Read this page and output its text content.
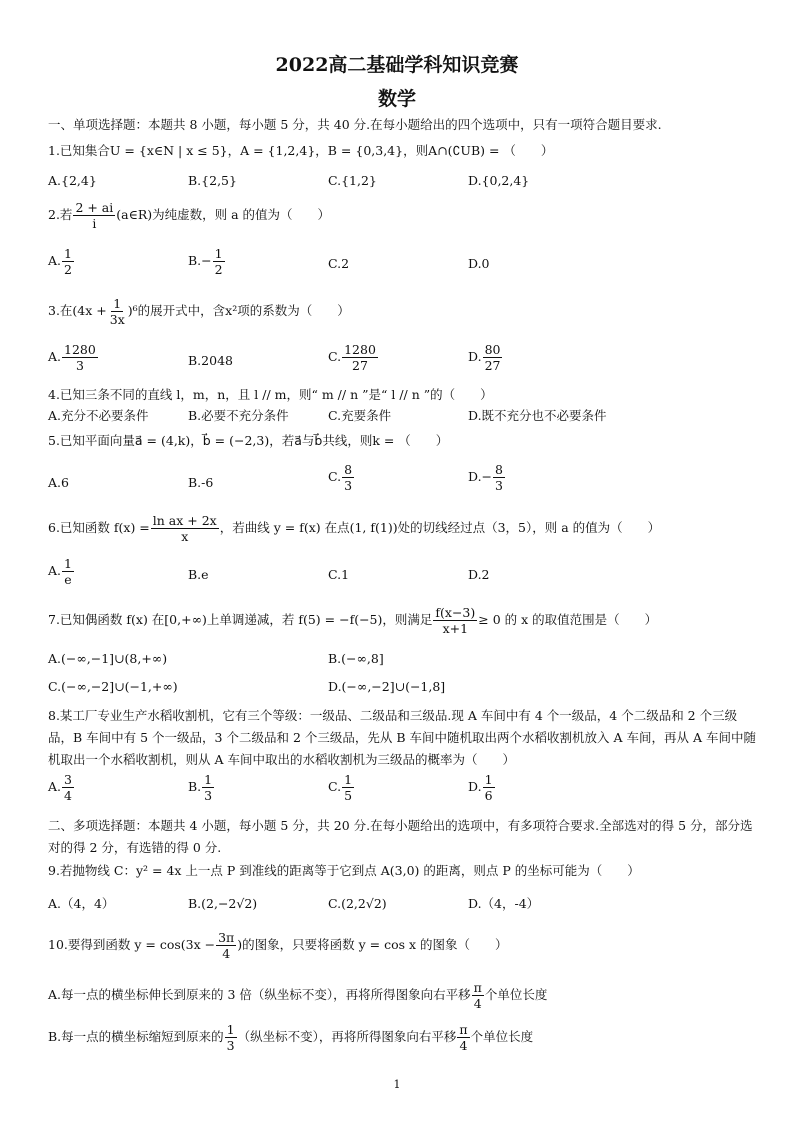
2022高二基础学科知识竞赛
数学
一、单项选择题：本题共 8 小题，每小题 5 分，共 40 分.在每小题给出的四个选项中，只有一项符合题目要求.
1.已知集合U = {x∈N | x ≤ 5}，A = {1,2,4}，B = {0,3,4}，则A∩(∁UB) = （　　）
A.{2,4}	B.{2,5}	C.{1,2}	D.{0,2,4}
2.若 $\frac{2 + ai}{i}$ (a∈R)为纯虚数，则 a 的值为（　　）
A. $\frac{1}{2}$	$B.- \frac{1}{2}$	C.2	D.0
3.在$(4x + \frac{1}{3x} )^6$的展开式中，含x²项的系数为（　　）
A. $\frac{1280}{3}$	B.2048	C. $\frac{1280}{27}$	D. $\frac{80}{27}$
4.已知三条不同的直线 l，m，n，且 l // m，则“ m // n ”是“ l // n ”的（　　）
A.充分不必要条件	B.必要不充分条件	C.充要条件	D.既不充分也不必要条件
5.已知平面向量a⃗ = (4,k)，b⃗ = (−2,3)，若a⃗与b⃗共线，则k = （　　）
A.6	B.-6	C. $\frac{8}{3}$	$D.- \frac{8}{3}$
6.已知函数 $f(x) = \frac{\text{ln ax + 2x}}{x}$ ，若曲线 y = f(x) 在点(1, f(1))处的切线经过点（3，5），则 a 的值为（　　）
A. $\frac{1}{e}$	B.e	C.1	D.2
7.已知偶函数 f(x) 在[0,+∞)上单调递减，若 f(5) = −f(−5)，则满足 $\frac{f(x-3)}{x+1} \ge 0$ 的 x 的取值范围是（　　）
A.(−∞,−1]∪(8,+∞)	B.(−∞,8]
C.(−∞,−2]∪(−1,+∞)	D.(−∞,−2]∪(−1,8]
8.某工厂专业生产水稻收割机，它有三个等级：一级品、二级品和三级品.现 A 车间中有 4 个一级品，4 个二级品和 2 个三级品，B 车间中有 5 个一级品，3 个二级品和 2 个三级品，先从 B 车间中随机取出两个水稻收割机放入 A 车间，再从 A 车间中随机取出一个水稻收割机，则从 A 车间中取出的水稻收割机为三级品的概率为（　　）
A. $\frac{3}{4}$	B. $\frac{1}{3}$	C. $\frac{1}{5}$	D. $\frac{1}{6}$
二、多项选择题：本题共 4 小题，每小题 5 分，共 20 分.在每小题给出的选项中，有多项符合要求.全部选对的得 5 分，部分选对的得 2 分，有选错的得 0 分.
9.若抛物线 C：y² = 4x 上一点 P 到准线的距离等于它到点 A(3,0) 的距离，则点 P 的坐标可能为（　　）
A.（4，4）	B.(2,−2√2)	C.(2,2√2)	D.（4，-4）
10.要得到函数 $y = \cos(3x - \frac{3\pi}{4}$ )的图象，只要将函数 y = cos x 的图象（　　）
A.每一点的横坐标伸长到原来的 3 倍（纵坐标不变），再将所得图象向右平移 $\frac{\pi}{4}$ 个单位长度
B.每一点的横坐标缩短到原来的 $\frac{1}{3}$ （纵坐标不变），再将所得图象向右平移 $\frac{\pi}{4}$ 个单位长度
1
